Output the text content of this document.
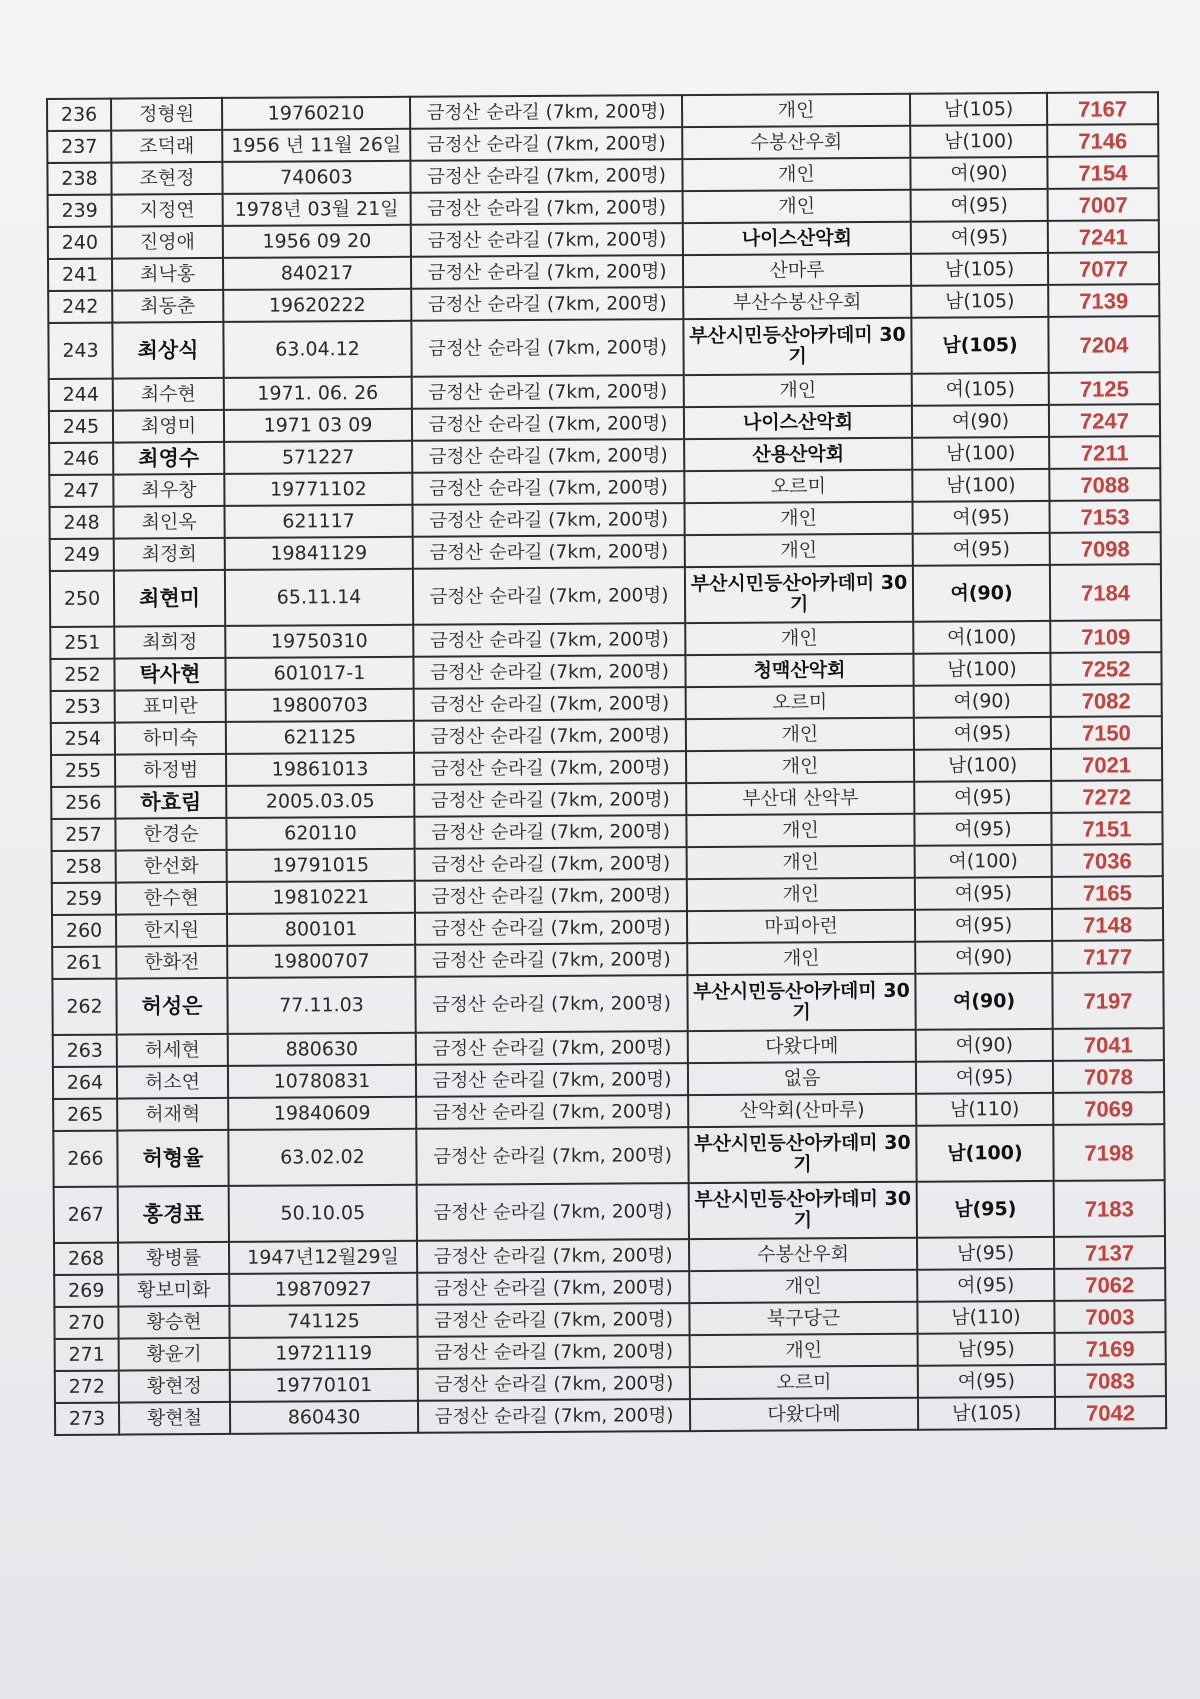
236	정형원	19760210	금정산 순라길 (7km, 200명)	개인	남(105)	7167
237	조덕래	1956 년 11월 26일	금정산 순라길 (7km, 200명)	수봉산우회	남(100)	7146
238	조현정	740603	금정산 순라길 (7km, 200명)	개인	여(90)	7154
239	지정연	1978년 03월 21일	금정산 순라길 (7km, 200명)	개인	여(95)	7007
240	진영애	1956 09 20	금정산 순라길 (7km, 200명)	나이스산악회	여(95)	7241
241	최낙홍	840217	금정산 순라길 (7km, 200명)	산마루	남(105)	7077
242	최동춘	19620222	금정산 순라길 (7km, 200명)	부산수봉산우회	남(105)	7139
243	최상식	63.04.12	금정산 순라길 (7km, 200명)	부산시민등산아카데미 30기	남(105)	7204
244	최수현	1971. 06. 26	금정산 순라길 (7km, 200명)	개인	여(105)	7125
245	최영미	1971 03 09	금정산 순라길 (7km, 200명)	나이스산악회	여(90)	7247
246	최영수	571227	금정산 순라길 (7km, 200명)	산용산악회	남(100)	7211
247	최우창	19771102	금정산 순라길 (7km, 200명)	오르미	남(100)	7088
248	최인옥	621117	금정산 순라길 (7km, 200명)	개인	여(95)	7153
249	최정희	19841129	금정산 순라길 (7km, 200명)	개인	여(95)	7098
250	최현미	65.11.14	금정산 순라길 (7km, 200명)	부산시민등산아카데미 30기	여(90)	7184
251	최희정	19750310	금정산 순라길 (7km, 200명)	개인	여(100)	7109
252	탁사현	601017-1	금정산 순라길 (7km, 200명)	청맥산악회	남(100)	7252
253	표미란	19800703	금정산 순라길 (7km, 200명)	오르미	여(90)	7082
254	하미숙	621125	금정산 순라길 (7km, 200명)	개인	여(95)	7150
255	하정범	19861013	금정산 순라길 (7km, 200명)	개인	남(100)	7021
256	하효림	2005.03.05	금정산 순라길 (7km, 200명)	부산대 산악부	여(95)	7272
257	한경순	620110	금정산 순라길 (7km, 200명)	개인	여(95)	7151
258	한선화	19791015	금정산 순라길 (7km, 200명)	개인	여(100)	7036
259	한수현	19810221	금정산 순라길 (7km, 200명)	개인	여(95)	7165
260	한지원	800101	금정산 순라길 (7km, 200명)	마피아런	여(95)	7148
261	한화전	19800707	금정산 순라길 (7km, 200명)	개인	여(90)	7177
262	허성은	77.11.03	금정산 순라길 (7km, 200명)	부산시민등산아카데미 30기	여(90)	7197
263	허세현	880630	금정산 순라길 (7km, 200명)	다왔다메	여(90)	7041
264	허소연	10780831	금정산 순라길 (7km, 200명)	없음	여(95)	7078
265	허재혁	19840609	금정산 순라길 (7km, 200명)	산악회(산마루)	남(110)	7069
266	허형율	63.02.02	금정산 순라길 (7km, 200명)	부산시민등산아카데미 30기	남(100)	7198
267	홍경표	50.10.05	금정산 순라길 (7km, 200명)	부산시민등산아카데미 30기	남(95)	7183
268	황병률	1947년12월29일	금정산 순라길 (7km, 200명)	수봉산우회	남(95)	7137
269	황보미화	19870927	금정산 순라길 (7km, 200명)	개인	여(95)	7062
270	황승현	741125	금정산 순라길 (7km, 200명)	북구당근	남(110)	7003
271	황윤기	19721119	금정산 순라길 (7km, 200명)	개인	남(95)	7169
272	황현정	19770101	금정산 순라길 (7km, 200명)	오르미	여(95)	7083
273	황현철	860430	금정산 순라길 (7km, 200명)	다왔다메	남(105)	7042
